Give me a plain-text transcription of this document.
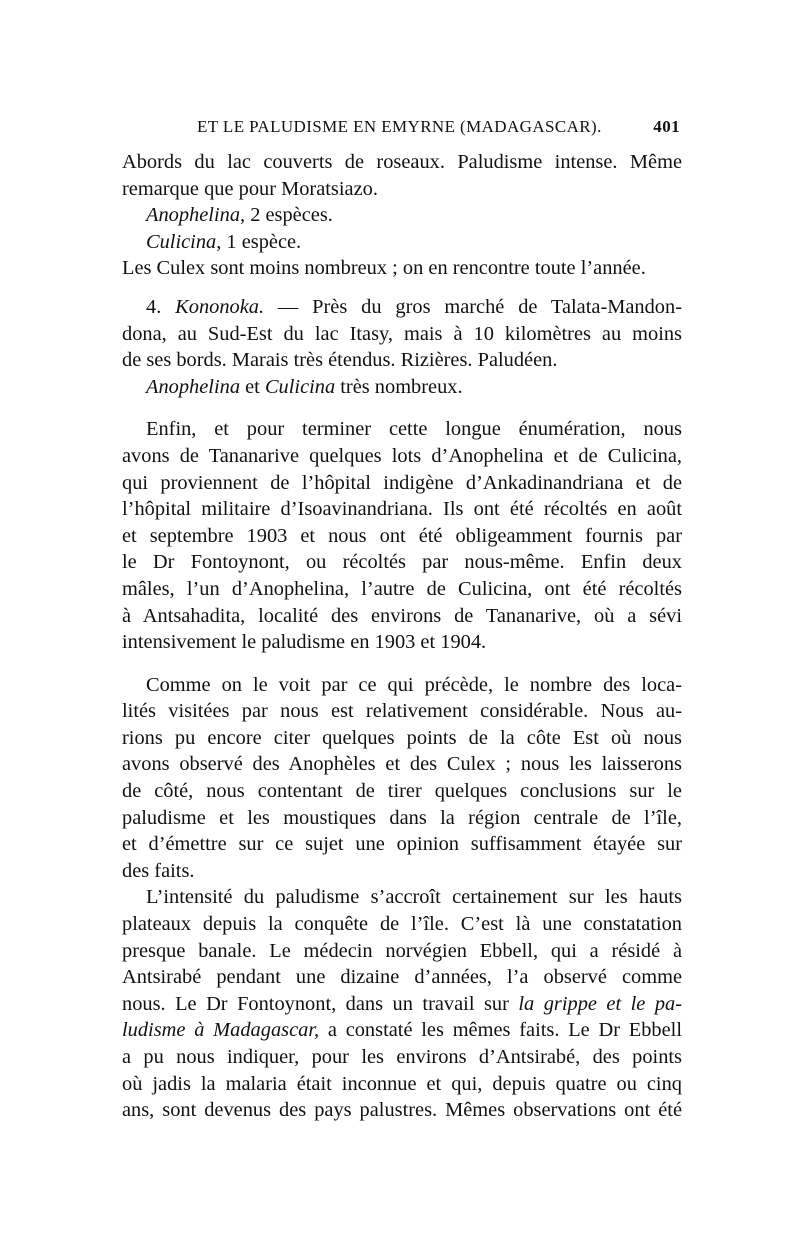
ET LE PALUDISME EN EMYRNE (MADAGASCAR).	401
Abords du lac couverts de roseaux. Paludisme intense. Même
remarque que pour Moratsiazo.
Anophelina, 2 espèces.
Culicina, 1 espèce.
Les Culex sont moins nombreux ; on en rencontre toute l’année.
4. Kononoka. — Près du gros marché de Talata-Mandon-
dona, au Sud-Est du lac Itasy, mais à 10 kilomètres au moins
de ses bords. Marais très étendus. Rizières. Paludéen.
Anophelina et Culicina très nombreux.
Enfin, et pour terminer cette longue énumération, nous
avons de Tananarive quelques lots d’Anophelina et de Culicina,
qui proviennent de l’hôpital indigène d’Ankadinandriana et de
l’hôpital militaire d’Isoavinandriana. Ils ont été récoltés en août
et septembre 1903 et nous ont été obligeamment fournis par
le Dr Fontoynont, ou récoltés par nous-même. Enfin deux
mâles, l’un d’Anophelina, l’autre de Culicina, ont été récoltés
à Antsahadita, localité des environs de Tananarive, où a sévi
intensivement le paludisme en 1903 et 1904.
Comme on le voit par ce qui précède, le nombre des loca-
lités visitées par nous est relativement considérable. Nous au-
rions pu encore citer quelques points de la côte Est où nous
avons observé des Anophèles et des Culex ; nous les laisserons
de côté, nous contentant de tirer quelques conclusions sur le
paludisme et les moustiques dans la région centrale de l’île,
et d’émettre sur ce sujet une opinion suffisamment étayée sur
des faits.
L’intensité du paludisme s’accroît certainement sur les hauts
plateaux depuis la conquête de l’île. C’est là une constatation
presque banale. Le médecin norvégien Ebbell, qui a résidé à
Antsirabé pendant une dizaine d’années, l’a observé comme
nous. Le Dr Fontoynont, dans un travail sur la grippe et le pa-
ludisme à Madagascar, a constaté les mêmes faits. Le Dr Ebbell
a pu nous indiquer, pour les environs d’Antsirabé, des points
où jadis la malaria était inconnue et qui, depuis quatre ou cinq
ans, sont devenus des pays palustres. Mêmes observations ont été
